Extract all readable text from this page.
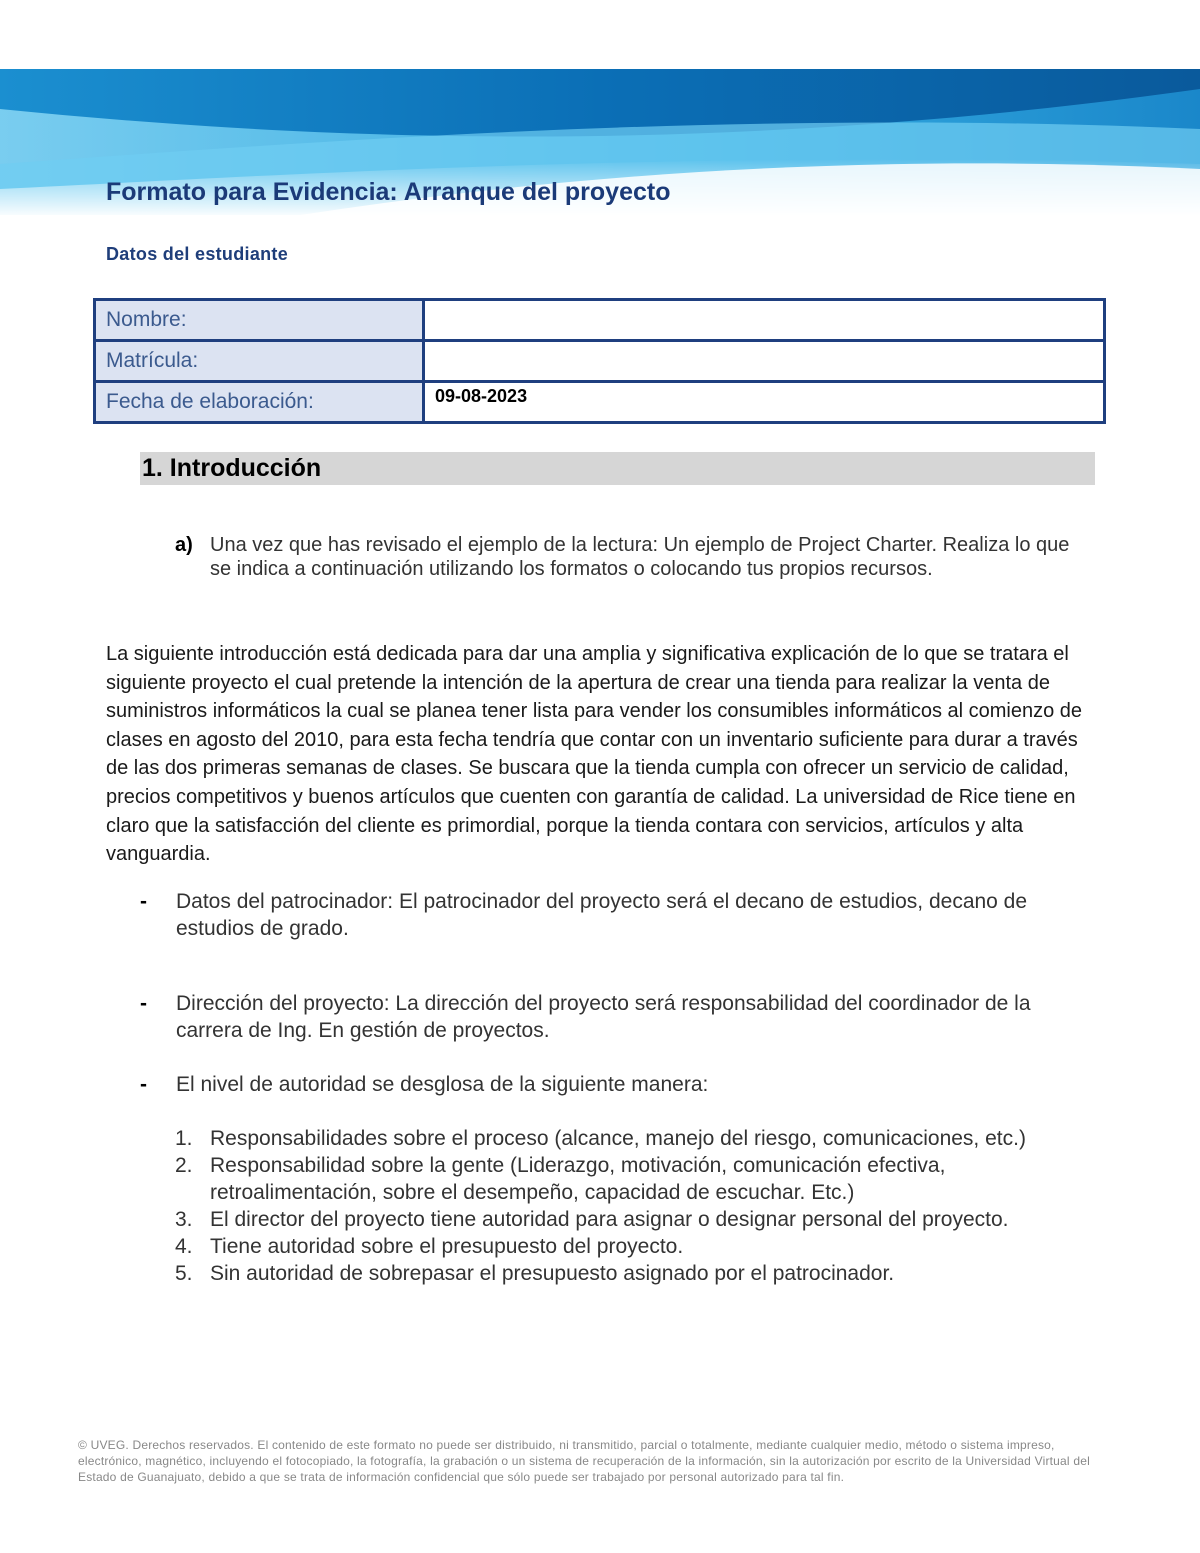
Formato para Evidencia: Arranque del proyecto
Datos del estudiante
Nombre:	
Matrícula:	
Fecha de elaboración:	09-08-2023
1. Introducción
a) Una vez que has revisado el ejemplo de la lectura: Un ejemplo de Project Charter. Realiza lo que se indica a continuación utilizando los formatos o colocando tus propios recursos.

La siguiente introducción está dedicada para dar una amplia y significativa explicación de lo que se tratara el siguiente proyecto el cual pretende la intención de la apertura de crear una tienda para realizar la venta de suministros informáticos la cual se planea tener lista para vender los consumibles informáticos al comienzo de clases en agosto del 2010, para esta fecha tendría que contar con un inventario suficiente para durar a través de las dos primeras semanas de clases. Se buscara que la tienda cumpla con ofrecer un servicio de calidad, precios competitivos y buenos artículos que cuenten con garantía de calidad. La universidad de Rice tiene en claro que la satisfacción del cliente es primordial, porque la tienda contara con servicios, artículos y alta vanguardia.

- Datos del patrocinador: El patrocinador del proyecto será el decano de estudios, decano de estudios de grado.
- Dirección del proyecto: La dirección del proyecto será responsabilidad del coordinador de la carrera de Ing. En gestión de proyectos.
- El nivel de autoridad se desglosa de la siguiente manera:
1. Responsabilidades sobre el proceso (alcance, manejo del riesgo, comunicaciones, etc.)
2. Responsabilidad sobre la gente (Liderazgo, motivación, comunicación efectiva, retroalimentación, sobre el desempeño, capacidad de escuchar. Etc.)
3. El director del proyecto tiene autoridad para asignar o designar personal del proyecto.
4. Tiene autoridad sobre el presupuesto del proyecto.
5. Sin autoridad de sobrepasar el presupuesto asignado por el patrocinador.

© UVEG. Derechos reservados. El contenido de este formato no puede ser distribuido, ni transmitido, parcial o totalmente, mediante cualquier medio, método o sistema impreso, electrónico, magnético, incluyendo el fotocopiado, la fotografía, la grabación o un sistema de recuperación de la información, sin la autorización por escrito de la Universidad Virtual del Estado de Guanajuato, debido a que se trata de información confidencial que sólo puede ser trabajado por personal autorizado para tal fin.
